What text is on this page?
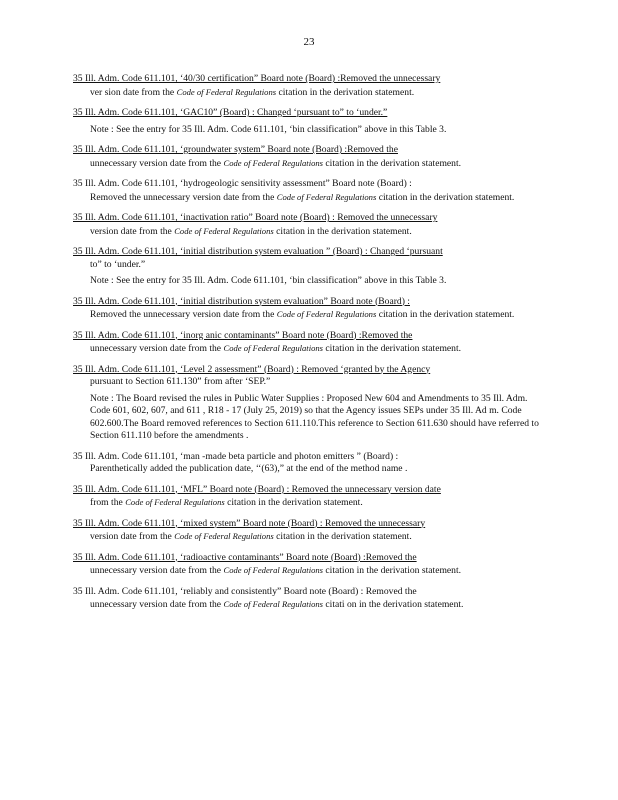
23
35 Ill. Adm. Code 611.101, ‘40/30 certification” Board note (Board) :Removed the unnecessary
ver sion date from the Code of Federal Regulations citation in the derivation statement.
35 Ill. Adm. Code 611.101, ‘GAC10” (Board) : Changed ‘pursuant to” to ‘under.”
Note : See the entry for 35 Ill. Adm. Code 611.101, ‘bin classification” above in this Table 3.
35 Ill. Adm. Code 611.101, ‘groundwater system” Board note (Board) :Removed the
unnecessary version date from the Code of Federal Regulations citation in the derivation statement.
35 Ill. Adm. Code 611.101, ‘hydrogeologic sensitivity assessment” Board note (Board) :
Removed the unnecessary version date from the Code of Federal Regulations citation in the derivation statement.
35 Ill. Adm. Code 611.101, ‘inactivation ratio” Board note (Board) : Removed the unnecessary
version date from the Code of Federal Regulations citation in the derivation statement.
35 Ill. Adm. Code 611.101, ‘initial distribution system evaluation ” (Board) : Changed ‘pursuant
to” to ‘under.”
Note : See the entry for 35 Ill. Adm. Code 611.101, ‘bin classification” above in this Table 3.
35 Ill. Adm. Code 611.101, ‘initial distribution system evaluation” Board note (Board) :
Removed the unnecessary version date from the Code of Federal Regulations citation in the derivation statement.
35 Ill. Adm. Code 611.101, ‘inorg anic contaminants” Board note (Board) :Removed the
unnecessary version date from the Code of Federal Regulations citation in the derivation statement.
35 Ill. Adm. Code 611.101, ‘Level 2 assessment” (Board) : Removed ‘granted by the Agency
pursuant to Section 611.130” from after ‘SEP.”
Note : The Board revised the rules in Public Water Supplies : Proposed New 604 and Amendments to 35 Ill. Adm. Code 601, 602, 607, and 611 , R18 - 17 (July 25, 2019) so that the Agency issues SEPs under 35 Ill. Ad m. Code 602.600.The Board removed references to Section 611.110.This reference to Section 611.630 should have referred to Section 611.110 before the amendments .
35 Ill. Adm. Code 611.101, ‘man -made beta particle and photon emitters ” (Board) :
Parenthetically added the publication date, ‘‘(63),” at the end of the method name .
35 Ill. Adm. Code 611.101, ‘MFL” Board note (Board) : Removed the unnecessary version date
from the Code of Federal Regulations citation in the derivation statement.
35 Ill. Adm. Code 611.101, ‘mixed system” Board note (Board) : Removed the unnecessary
version date from the Code of Federal Regulations citation in the derivation statement.
35 Ill. Adm. Code 611.101, ‘radioactive contaminants” Board note (Board) :Removed the
unnecessary version date from the Code of Federal Regulations citation in the derivation statement.
35 Ill. Adm. Code 611.101, ‘reliably and consistently” Board note (Board) : Removed the
unnecessary version date from the Code of Federal Regulations citati on in the derivation statement.
